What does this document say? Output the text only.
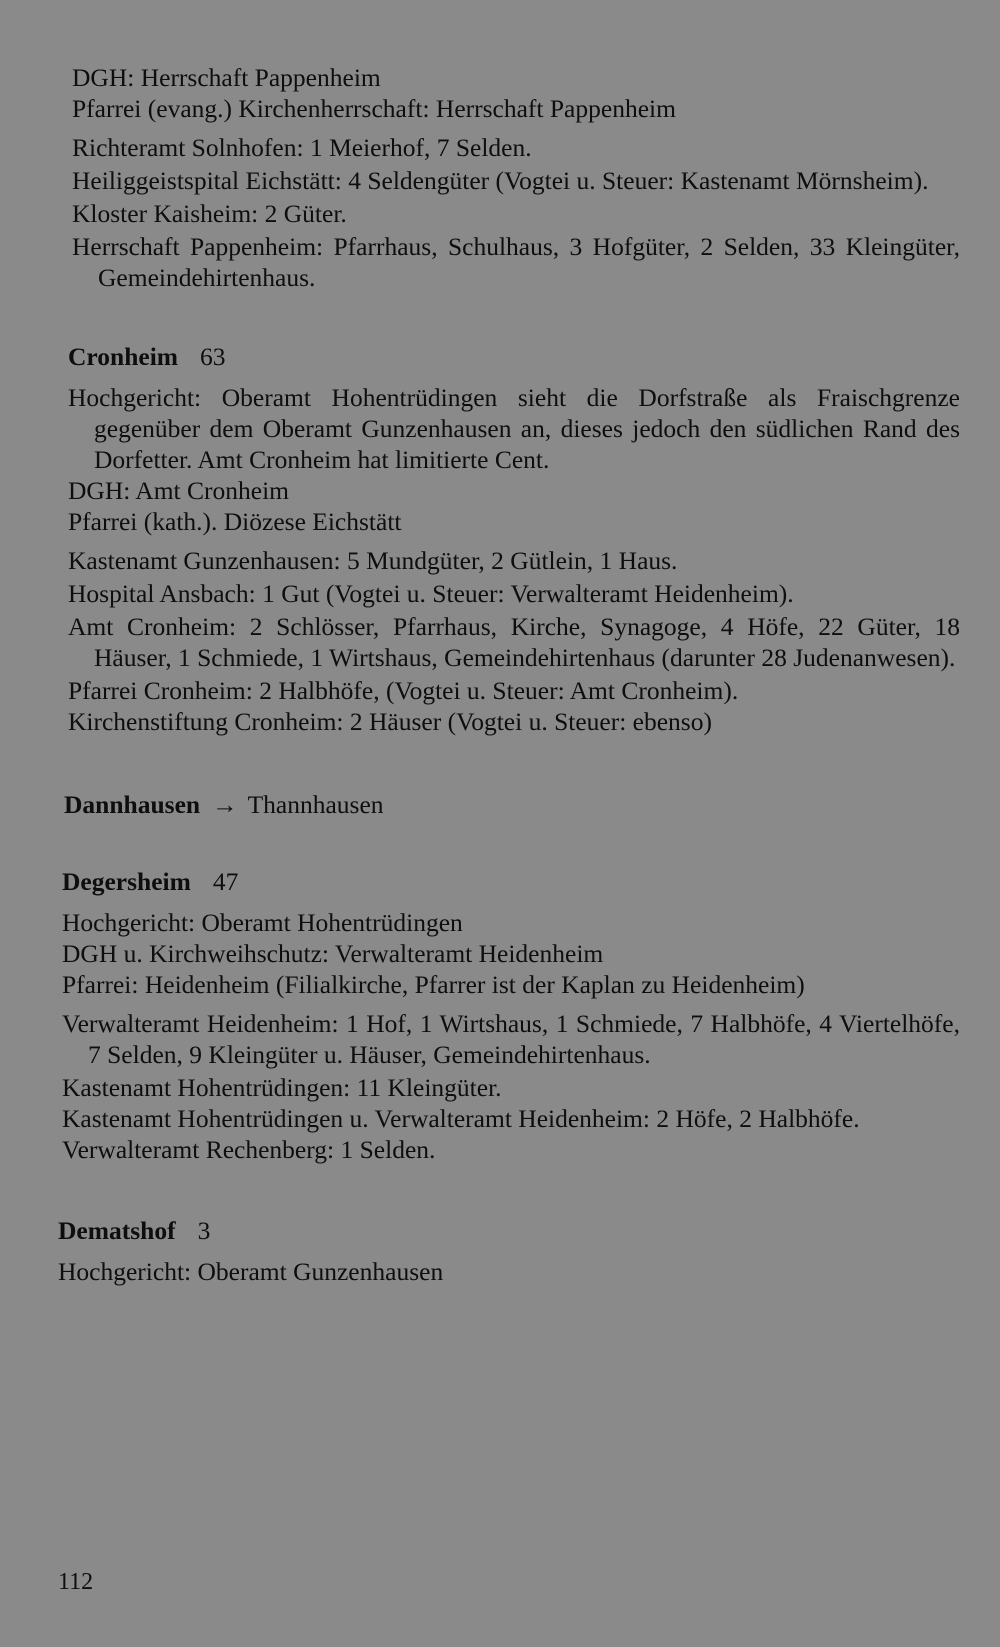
DGH: Herrschaft Pappenheim

Pfarrei (evang.) Kirchenherrschaft: Herrschaft Pappenheim

Richteramt Solnhofen: 1 Meierhof, 7 Selden.

Heiliggeistspital Eichstätt: 4 Seldengüter (Vogtei u. Steuer: Kastenamt Mörnsheim).

Kloster Kaisheim: 2 Güter.

Herrschaft Pappenheim: Pfarrhaus, Schulhaus, 3 Hofgüter, 2 Selden, 33 Kleingüter, Gemeindehirtenhaus.

Cronheim 63

Hochgericht: Oberamt Hohentrüdingen sieht die Dorfstraße als Fraischgrenze gegenüber dem Oberamt Gunzenhausen an, dieses jedoch den südlichen Rand des Dorfetter. Amt Cronheim hat limitierte Cent.

DGH: Amt Cronheim

Pfarrei (kath.). Diözese Eichstätt

Kastenamt Gunzenhausen: 5 Mundgüter, 2 Gütlein, 1 Haus.

Hospital Ansbach: 1 Gut (Vogtei u. Steuer: Verwalteramt Heidenheim).

Amt Cronheim: 2 Schlösser, Pfarrhaus, Kirche, Synagoge, 4 Höfe, 22 Güter, 18 Häuser, 1 Schmiede, 1 Wirtshaus, Gemeindehirtenhaus (darunter 28 Judenanwesen).

Pfarrei Cronheim: 2 Halbhöfe, (Vogtei u. Steuer: Amt Cronheim).

Kirchenstiftung Cronheim: 2 Häuser (Vogtei u. Steuer: ebenso)

Dannhausen → Thannhausen

Degersheim 47

Hochgericht: Oberamt Hohentrüdingen

DGH u. Kirchweihschutz: Verwalteramt Heidenheim

Pfarrei: Heidenheim (Filialkirche, Pfarrer ist der Kaplan zu Heidenheim)

Verwalteramt Heidenheim: 1 Hof, 1 Wirtshaus, 1 Schmiede, 7 Halbhöfe, 4 Viertelhöfe, 7 Selden, 9 Kleingüter u. Häuser, Gemeindehirtenhaus.

Kastenamt Hohentrüdingen: 11 Kleingüter.

Kastenamt Hohentrüdingen u. Verwalteramt Heidenheim: 2 Höfe, 2 Halbhöfe.

Verwalteramt Rechenberg: 1 Selden.

Dematshof 3

Hochgericht: Oberamt Gunzenhausen

112
